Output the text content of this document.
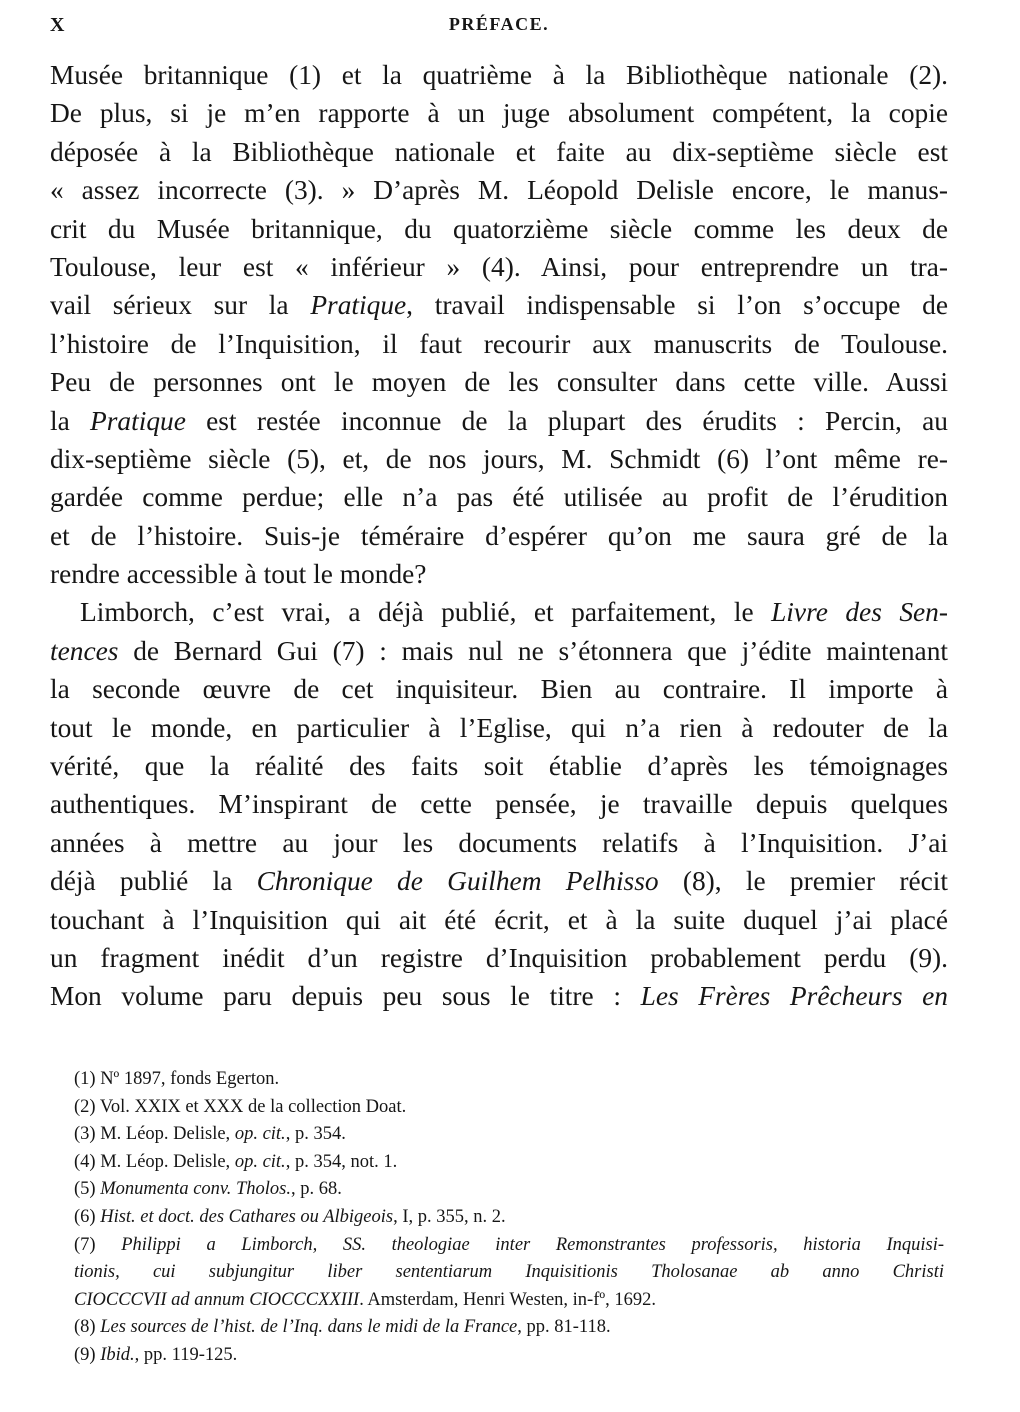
X	PRÉFACE.
Musée britannique (1) et la quatrième à la Bibliothèque nationale (2).
De plus, si je m’en rapporte à un juge absolument compétent, la copie
déposée à la Bibliothèque nationale et faite au dix-septième siècle est
« assez incorrecte (3). » D’après M. Léopold Delisle encore, le manus-
crit du Musée britannique, du quatorzième siècle comme les deux de
Toulouse, leur est « inférieur » (4). Ainsi, pour entreprendre un tra-
vail sérieux sur la Pratique, travail indispensable si l’on s’occupe de
l’histoire de l’Inquisition, il faut recourir aux manuscrits de Toulouse.
Peu de personnes ont le moyen de les consulter dans cette ville. Aussi
la Pratique est restée inconnue de la plupart des érudits : Percin, au
dix-septième siècle (5), et, de nos jours, M. Schmidt (6) l’ont même re-
gardée comme perdue; elle n’a pas été utilisée au profit de l’érudition
et de l’histoire. Suis-je téméraire d’espérer qu’on me saura gré de la
rendre accessible à tout le monde?
Limborch, c’est vrai, a déjà publié, et parfaitement, le Livre des Sen-
tences de Bernard Gui (7) : mais nul ne s’étonnera que j’édite maintenant
la seconde œuvre de cet inquisiteur. Bien au contraire. Il importe à
tout le monde, en particulier à l’Eglise, qui n’a rien à redouter de la
vérité, que la réalité des faits soit établie d’après les témoignages
authentiques. M’inspirant de cette pensée, je travaille depuis quelques
années à mettre au jour les documents relatifs à l’Inquisition. J’ai
déjà publié la Chronique de Guilhem Pelhisso (8), le premier récit
touchant à l’Inquisition qui ait été écrit, et à la suite duquel j’ai placé
un fragment inédit d’un registre d’Inquisition probablement perdu (9).
Mon volume paru depuis peu sous le titre : Les Frères Prêcheurs en
(1) Nº 1897, fonds Egerton.
(2) Vol. XXIX et XXX de la collection Doat.
(3) M. Léop. Delisle, op. cit., p. 354.
(4) M. Léop. Delisle, op. cit., p. 354, not. 1.
(5) Monumenta conv. Tholos., p. 68.
(6) Hist. et doct. des Cathares ou Albigeois, I, p. 355, n. 2.
(7) Philippi a Limborch, SS. theologiae inter Remonstrantes professoris, historia Inquisi-
tionis, cui subjungitur liber sententiarum Inquisitionis Tholosanae ab anno Christi
CIOCCCVII ad annum CIOCCCXXIII. Amsterdam, Henri Westen, in-fº, 1692.
(8) Les sources de l’hist. de l’Inq. dans le midi de la France, pp. 81-118.
(9) Ibid., pp. 119-125.
